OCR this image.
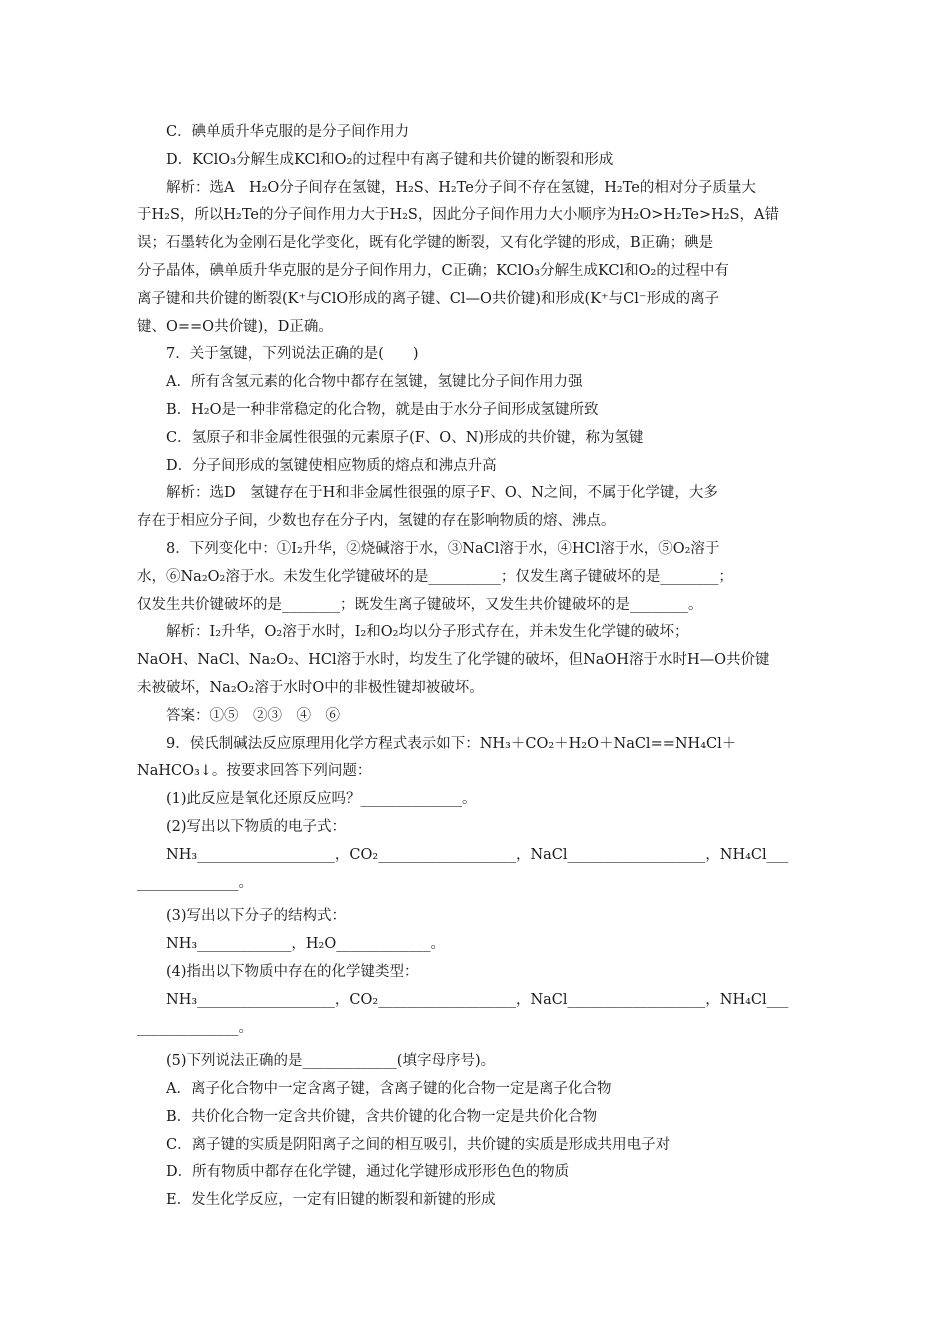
C．碘单质升华克服的是分子间作用力

D．KClO₃分解生成KCl和O₂的过程中有离子键和共价键的断裂和形成

解析：选A　H₂O分子间存在氢键，H₂S、H₂Te分子间不存在氢键，H₂Te的相对分子质量大

于H₂S，所以H₂Te的分子间作用力大于H₂S，因此分子间作用力大小顺序为H₂O>H₂Te>H₂S，A错

误；石墨转化为金刚石是化学变化，既有化学键的断裂，又有化学键的形成，B正确；碘是

分子晶体，碘单质升华克服的是分子间作用力，C正确；KClO₃分解生成KCl和O₂的过程中有

离子键和共价键的断裂(K⁺与ClO形成的离子键、Cl—O共价键)和形成(K⁺与Cl⁻形成的离子

键、O==O共价键)，D正确。

7．关于氢键，下列说法正确的是(　　)

A．所有含氢元素的化合物中都存在氢键，氢键比分子间作用力强

B．H₂O是一种非常稳定的化合物，就是由于水分子间形成氢键所致

C．氢原子和非金属性很强的元素原子(F、O、N)形成的共价键，称为氢键

D．分子间形成的氢键使相应物质的熔点和沸点升高

解析：选D　氢键存在于H和非金属性很强的原子F、O、N之间，不属于化学键，大多

存在于相应分子间，少数也存在分子内，氢键的存在影响物质的熔、沸点。

8．下列变化中：①I₂升华，②烧碱溶于水，③NaCl溶于水，④HCl溶于水，⑤O₂溶于

水，⑥Na₂O₂溶于水。未发生化学键破坏的是__________；仅发生离子键破坏的是________；

仅发生共价键破坏的是________；既发生离子键破坏，又发生共价键破坏的是________。

解析：I₂升华，O₂溶于水时，I₂和O₂均以分子形式存在，并未发生化学键的破坏；

NaOH、NaCl、Na₂O₂、HCl溶于水时，均发生了化学键的破坏，但NaOH溶于水时H—O共价键

未被破坏，Na₂O₂溶于水时O中的非极性键却被破坏。

答案：①⑤　②③　④　⑥

9．侯氏制碱法反应原理用化学方程式表示如下：NH₃＋CO₂＋H₂O＋NaCl==NH₄Cl＋

NaHCO₃↓。按要求回答下列问题：

(1)此反应是氧化还原反应吗？______________。

(2)写出以下物质的电子式：

NH₃___________________，CO₂___________________，NaCl___________________，NH₄Cl___

______________。

(3)写出以下分子的结构式：

NH₃_____________，H₂O_____________。

(4)指出以下物质中存在的化学键类型：

NH₃___________________，CO₂___________________，NaCl___________________，NH₄Cl___

______________。

(5)下列说法正确的是_____________(填字母序号)。

A．离子化合物中一定含离子键，含离子键的化合物一定是离子化合物

B．共价化合物一定含共价键，含共价键的化合物一定是共价化合物

C．离子键的实质是阴阳离子之间的相互吸引，共价键的实质是形成共用电子对

D．所有物质中都存在化学键，通过化学键形成形形色色的物质

E．发生化学反应，一定有旧键的断裂和新键的形成
